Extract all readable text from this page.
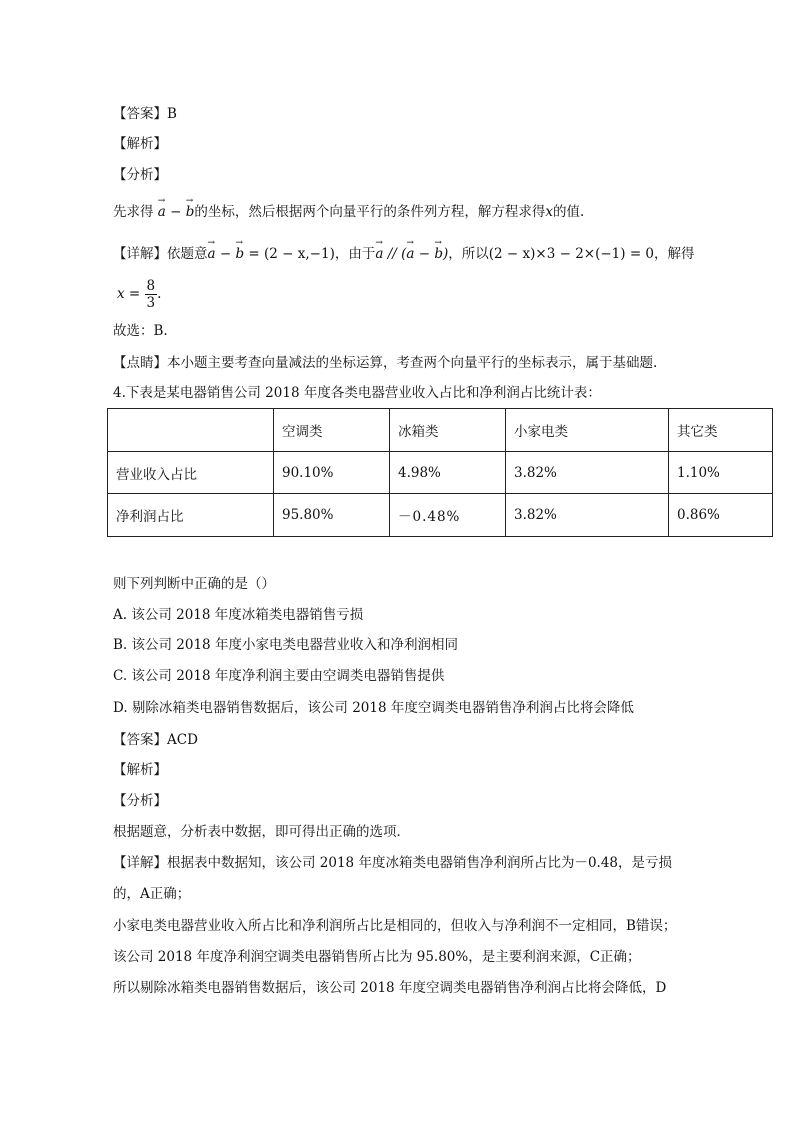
【答案】B
【解析】
【分析】
先求得 → a − → b的坐标，然后根据两个向量平行的条件列方程，解方程求得x的值.
【详解】依题意→ a − → b = (2 − x,−1)，由于→ a // (→ a − → b)，所以(2 − x)×3 − 2×(−1) = 0，解得
$x = \frac{8}{3}$ .
故选：B.
【点睛】本小题主要考查向量减法的坐标运算，考查两个向量平行的坐标表示，属于基础题.
4.下表是某电器销售公司 2018 年度各类电器营业收入占比和净利润占比统计表：
	空调类	冰箱类	小家电类	其它类
营业收入占比	90.10%	4.98%	3.82%	1.10%
净利润占比	95.80%	－0.48%	3.82%	0.86%
则下列判断中正确的是（）
A. 该公司 2018 年度冰箱类电器销售亏损
B. 该公司 2018 年度小家电类电器营业收入和净利润相同
C. 该公司 2018 年度净利润主要由空调类电器销售提供
D. 剔除冰箱类电器销售数据后，该公司 2018 年度空调类电器销售净利润占比将会降低
【答案】ACD
【解析】
【分析】
根据题意，分析表中数据，即可得出正确的选项．
【详解】根据表中数据知，该公司 2018 年度冰箱类电器销售净利润所占比为－0.48，是亏损
的，A正确；
小家电类电器营业收入所占比和净利润所占比是相同的，但收入与净利润不一定相同，B错误；
该公司 2018 年度净利润空调类电器销售所占比为 95.80%，是主要利润来源，C正确；
所以剔除冰箱类电器销售数据后，该公司 2018 年度空调类电器销售净利润占比将会降低，D
